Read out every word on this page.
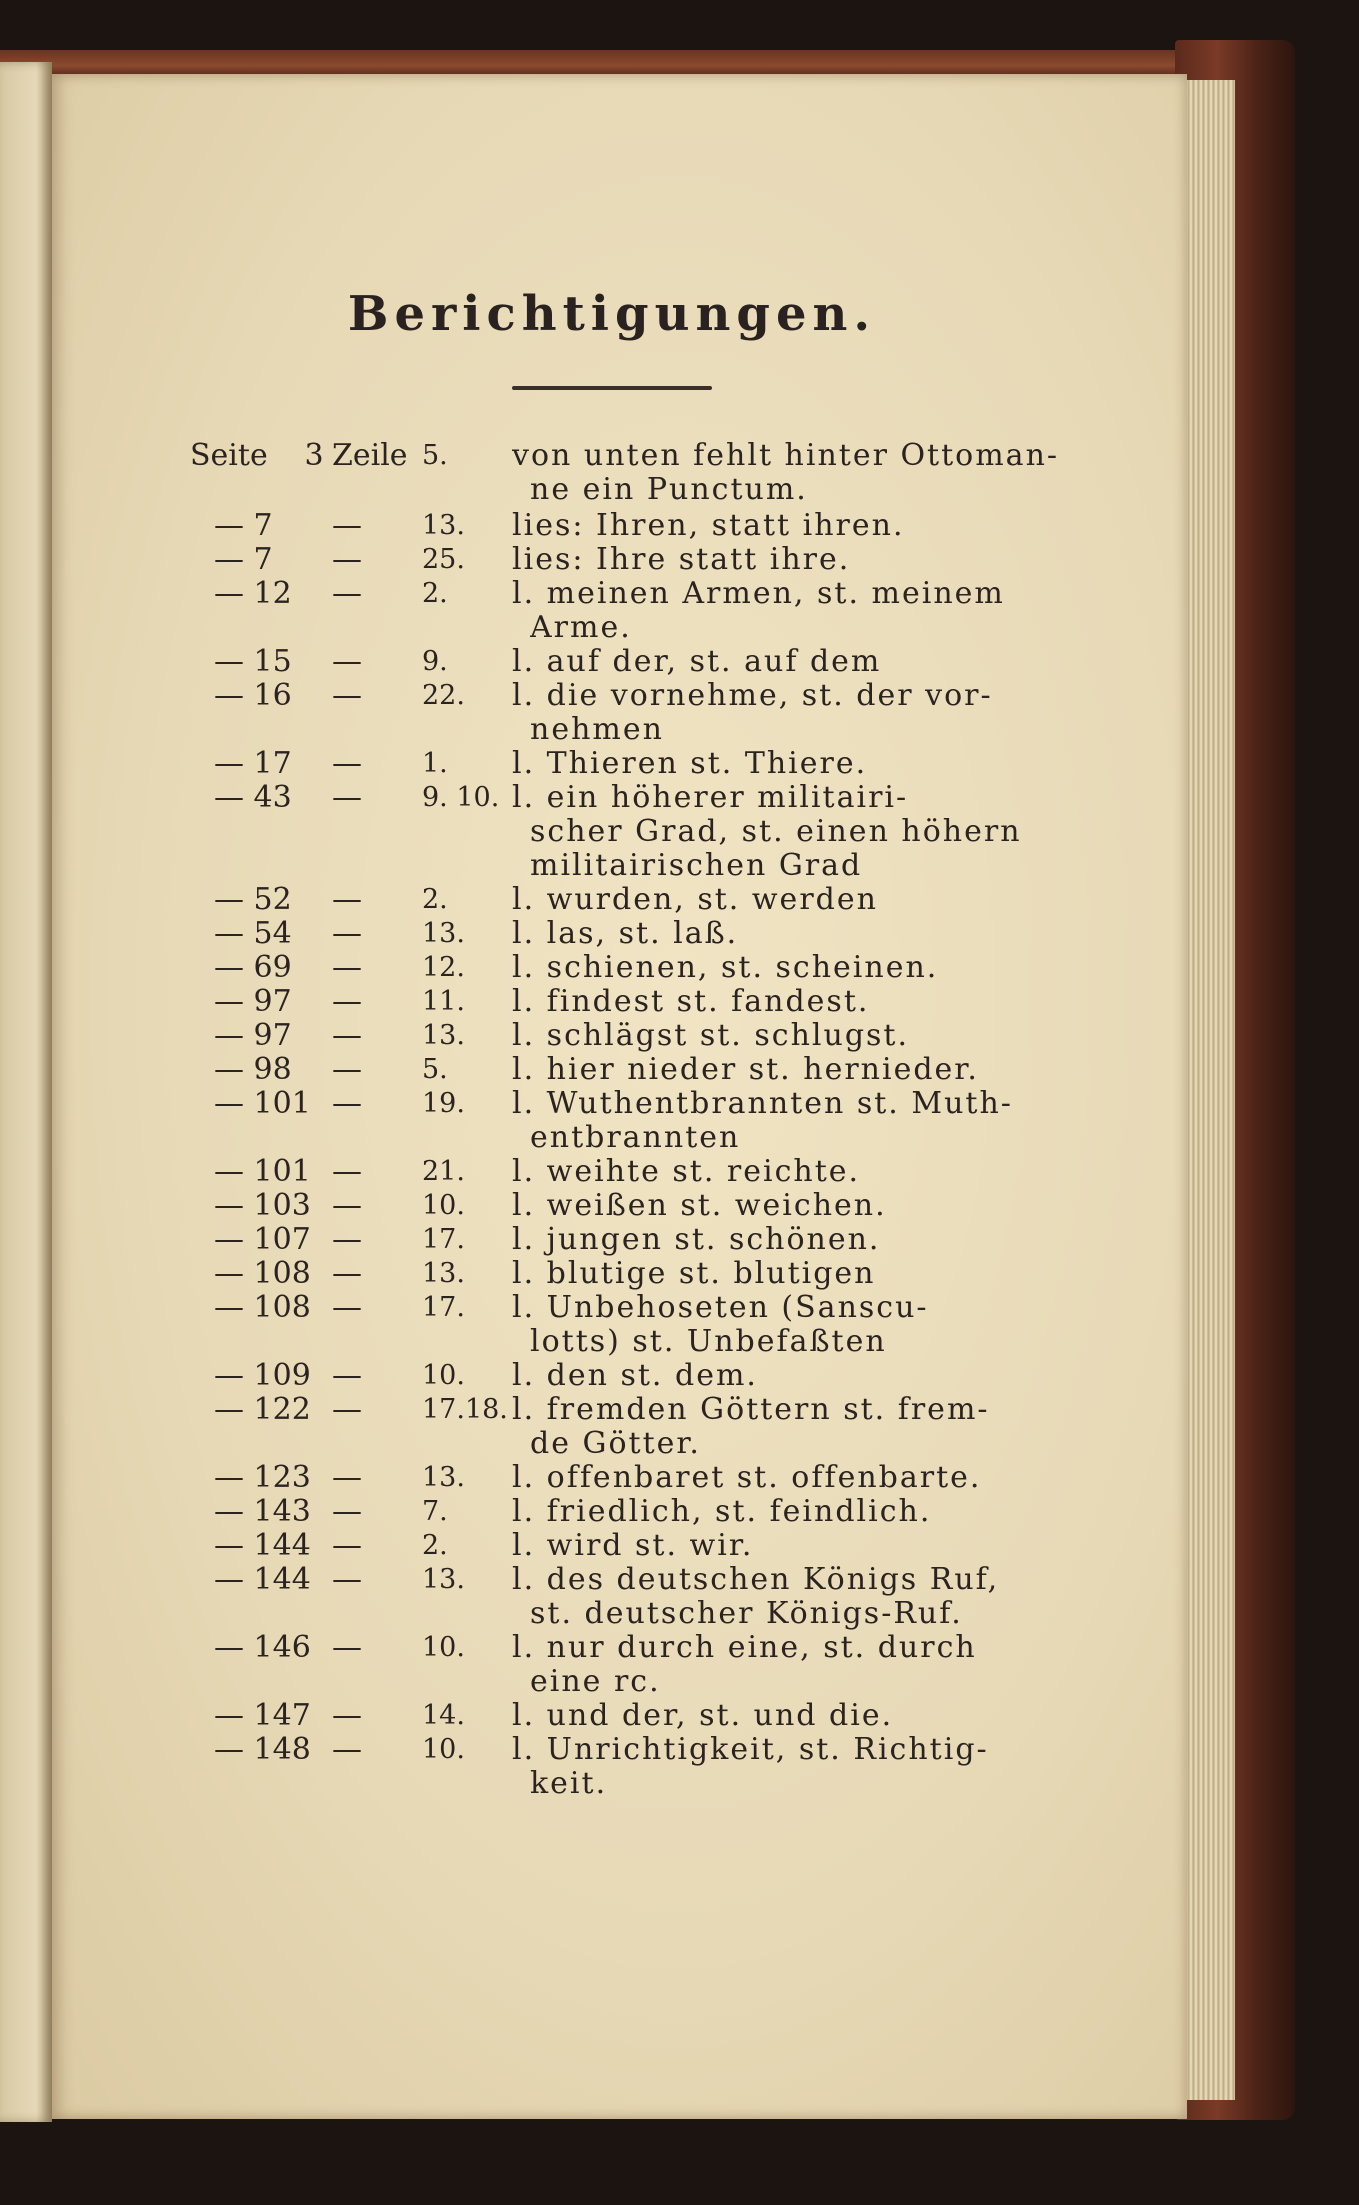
Berichtigungen.
Seite	3 Zeile 5.	von unten fehlt hinter Ottoman-
ne ein Punctum.
— 7	—	13.	lies: Ihren, statt ihren.
— 7	—	25.	lies: Ihre statt ihre.
— 12	—	2.	l. meinen Armen, st. meinem
Arme.
— 15	—	9.	l. auf der, st. auf dem
— 16	—	22.	l. die vornehme, st. der vor-
nehmen
— 17	—	1.	l. Thieren st. Thiere.
— 43	—	9. 10. l. ein höherer militairi-
scher Grad, st. einen höhern
militairischen Grad
— 52	—	2.	l. wurden, st. werden
— 54	—	13.	l. las, st. laß.
— 69	—	12.	l. schienen, st. scheinen.
— 97	—	11.	l. findest st. fandest.
— 97	—	13.	l. schlägst st. schlugst.
— 98	—	5.	l. hier nieder st. hernieder.
— 101 —	19.	l. Wuthentbrannten st. Muth-
entbrannten
— 101 —	21.	l. weihte st. reichte.
— 103 —	10.	l. weißen st. weichen.
— 107 —	17.	l. jungen st. schönen.
— 108 —	13.	l. blutige st. blutigen
— 108 —	17.	l. Unbehoseten (Sanscu-
lotts) st. Unbefaßten
— 109 —	10.	l. den st. dem.
— 122 —	17.18. l. fremden Göttern st. frem-
de Götter.
— 123 —	13.	l. offenbaret st. offenbarte.
— 143 —	7.	l. friedlich, st. feindlich.
— 144 —	2.	l. wird st. wir.
— 144 —	13.	l. des deutschen Königs Ruf,
st. deutscher Königs-Ruf.
— 146 —	10.	l. nur durch eine, st. durch
eine rc.
— 147 —	14.	l. und der, st. und die.
— 148 —	10.	l. Unrichtigkeit, st. Richtig-
keit.
